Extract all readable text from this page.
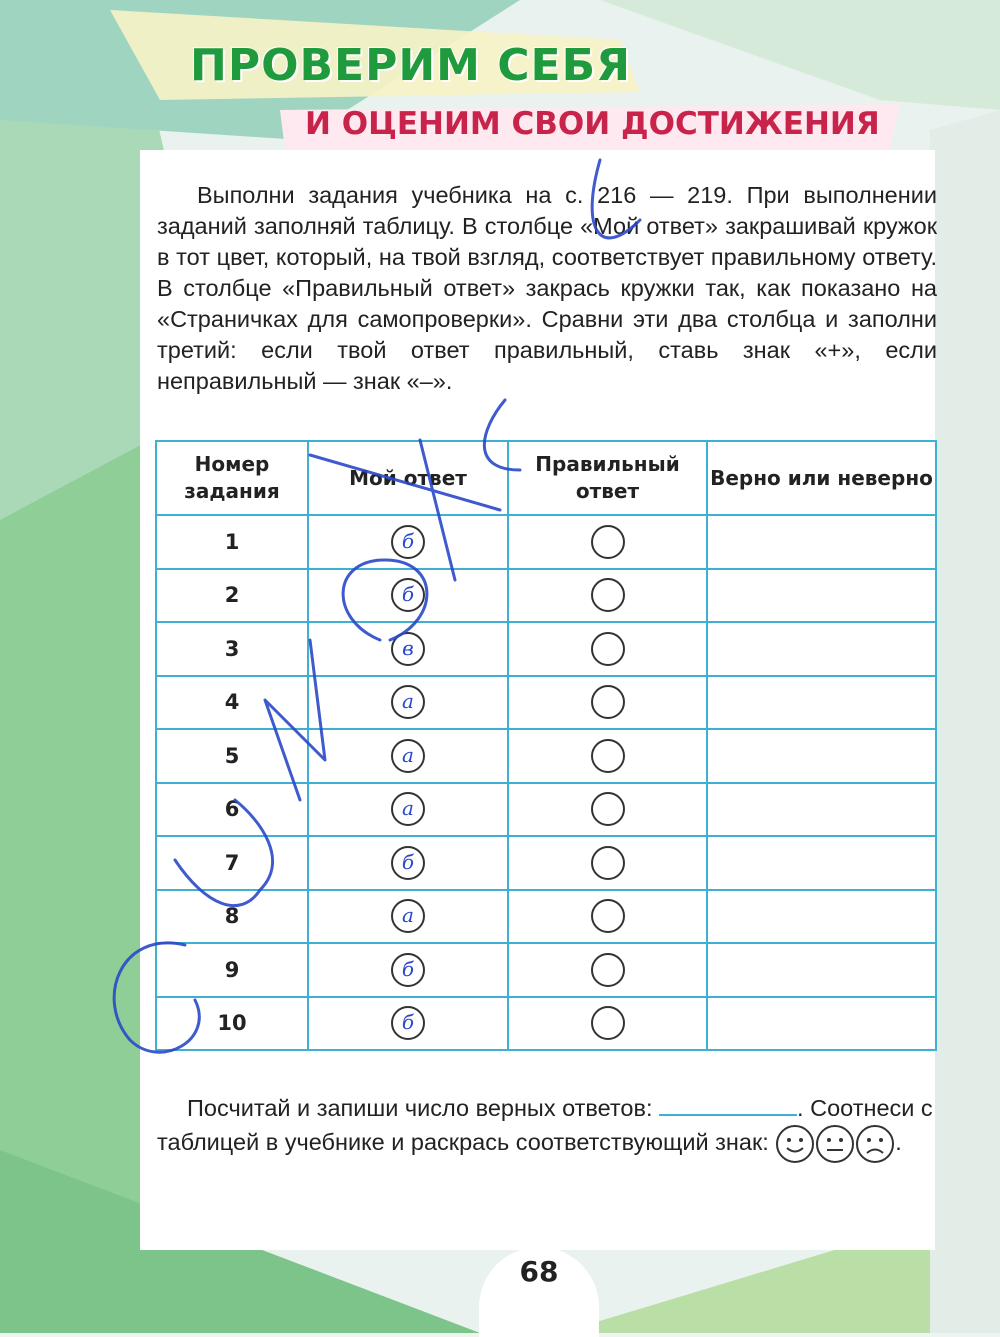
ПРОВЕРИМ СЕБЯ
И ОЦЕНИМ СВОИ ДОСТИЖЕНИЯ

Выполни задания учебника на с. 216 — 219. При выполнении заданий заполняй таблицу. В столбце «Мой ответ» закрашивай кружок в тот цвет, который, на твой взгляд, соответствует правильному ответу. В столбце «Правильный ответ» закрась кружки так, как показано на «Страничках для самопроверки». Сравни эти два столбца и заполни третий: если твой ответ правильный, ставь знак «+», если неправильный — знак «–».

Номер задания	Мой ответ	Правильный ответ	Верно или неверно
1	б		

2	б		

3	в		

4	а		

5	а		

6	а		

7	б		

8	а		

9	б		

10	б		

Посчитай и запиши число верных ответов:	. Соотнеси с таблицей в учебнике и раскрась соответствующий знак:	.

68
